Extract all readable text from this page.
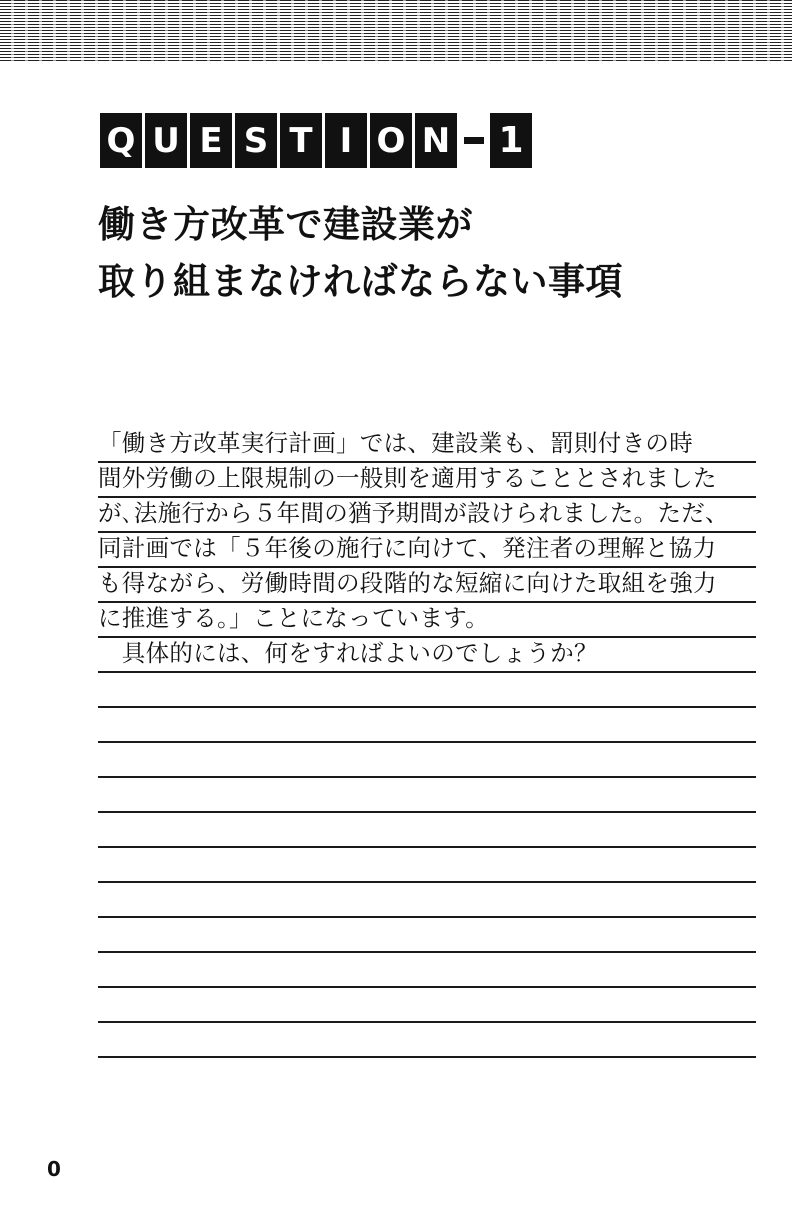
Q U E S T I O N 1
働き方改革で建設業が
取り組まなければならない事項
「働き方改革実行計画」では、建設業も、罰則付きの時
間外労働の上限規制の一般則を適用することとされました
が､法施行から５年間の猶予期間が設けられました。ただ、
同計画では「５年後の施行に向けて、発注者の理解と協力
も得ながら、労働時間の段階的な短縮に向けた取組を強力
に推進する。」ことになっています。
　具体的には、何をすればよいのでしょうか？
0
